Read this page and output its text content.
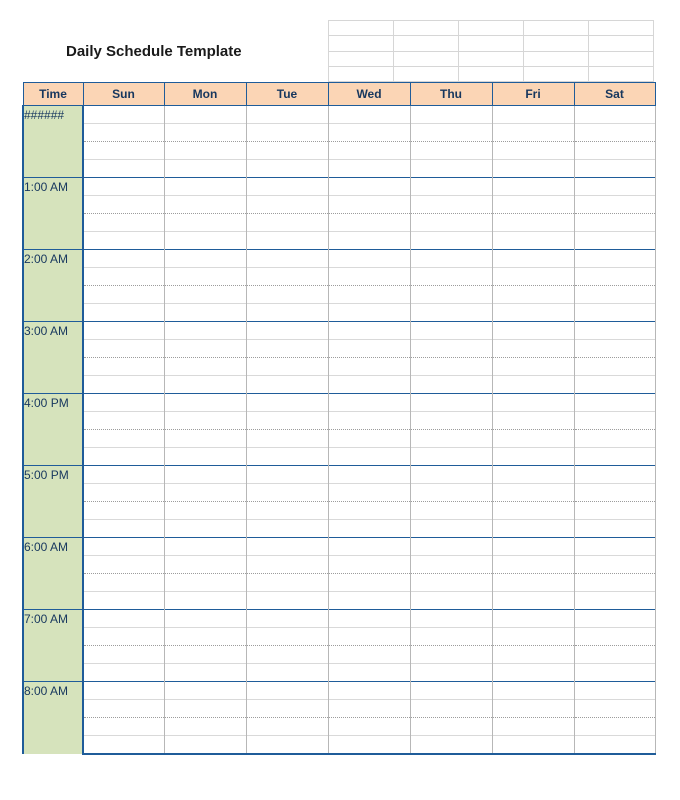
Daily Schedule Template
Time	Sun	Mon	Tue	Wed	Thu	Fri	Sat

######							

1:00 AM							

2:00 AM							

3:00 AM							

4:00 PM							

5:00 PM							

6:00 AM							

7:00 AM							

8:00 AM							
